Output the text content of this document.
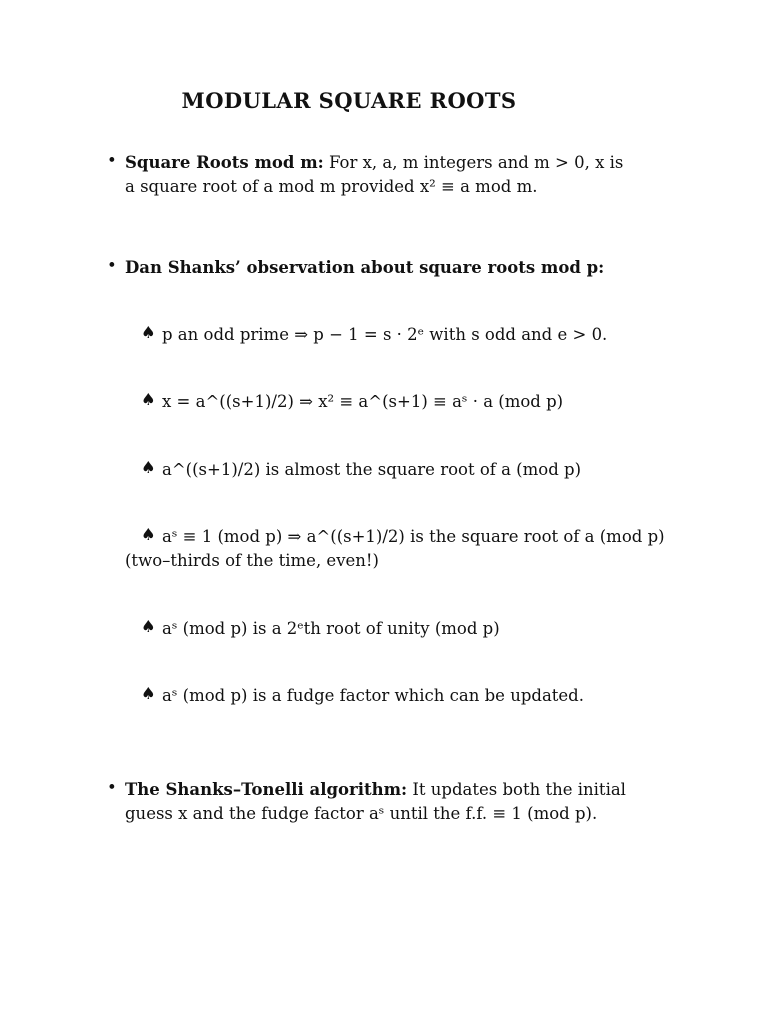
MODULAR SQUARE ROOTS
• Square Roots mod m: For x, a, m integers and m > 0, x is
a square root of a mod m provided x² ≡ a mod m.
• Dan Shanks’ observation about square roots mod p:
♠ p an odd prime ⇒ p − 1 = s · 2ᵉ with s odd and e > 0.
♠ x = a^((s+1)/2) ⇒ x² ≡ a^(s+1) ≡ aˢ · a (mod p)
♠ a^((s+1)/2) is almost the square root of a (mod p)
♠ aˢ ≡ 1 (mod p) ⇒ a^((s+1)/2) is the square root of a (mod p)
(two–thirds of the time, even!)
♠ aˢ (mod p) is a 2ᵉth root of unity (mod p)
♠ aˢ (mod p) is a fudge factor which can be updated.
• The Shanks–Tonelli algorithm: It updates both the initial
guess x and the fudge factor aˢ until the f.f. ≡ 1 (mod p).
